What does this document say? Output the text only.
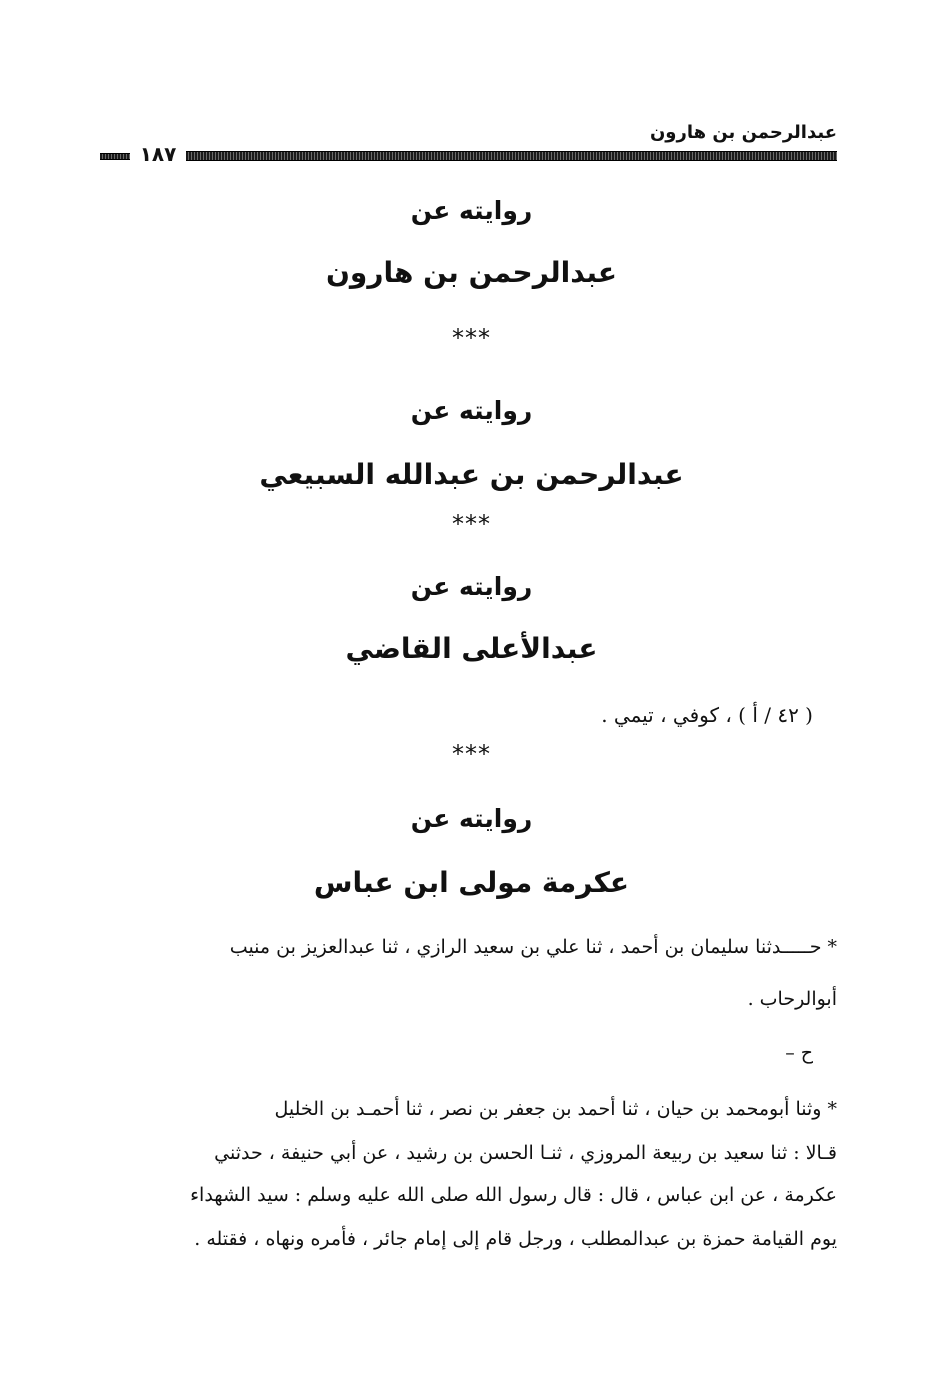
عبدالرحمن بن هارون
١٨٧
روايته عن
عبدالرحمن بن هارون
***
روايته عن
عبدالرحمن بن عبدالله السبيعي
***
روايته عن
عبدالأعلى القاضي
( ٤٢ / أ ) ، كوفي ، تيمي .
***
روايته عن
عكرمة مولى ابن عباس
* حـــــدثنا سليمان بن أحمد ، ثنا علي بن سعيد الرازي ، ثنا عبدالعزيز بن منيب
أبوالرحاب .
ح –
* وثنا أبومحمد بن حيان ، ثنا أحمد بن جعفر بن نصر ، ثنا أحمـد بن الخليل
قـالا : ثنا سعيد بن ربيعة المروزي ، ثنـا الحسن بن رشيد ، عن أبي حنيفة ، حدثني
عكرمة ، عن ابن عباس ، قال : قال رسول الله صلى الله عليه وسلم : سيد الشهداء
يوم القيامة حمزة بن عبدالمطلب ، ورجل قام إلى إمام جائر ، فأمره ونهاه ، فقتله .
